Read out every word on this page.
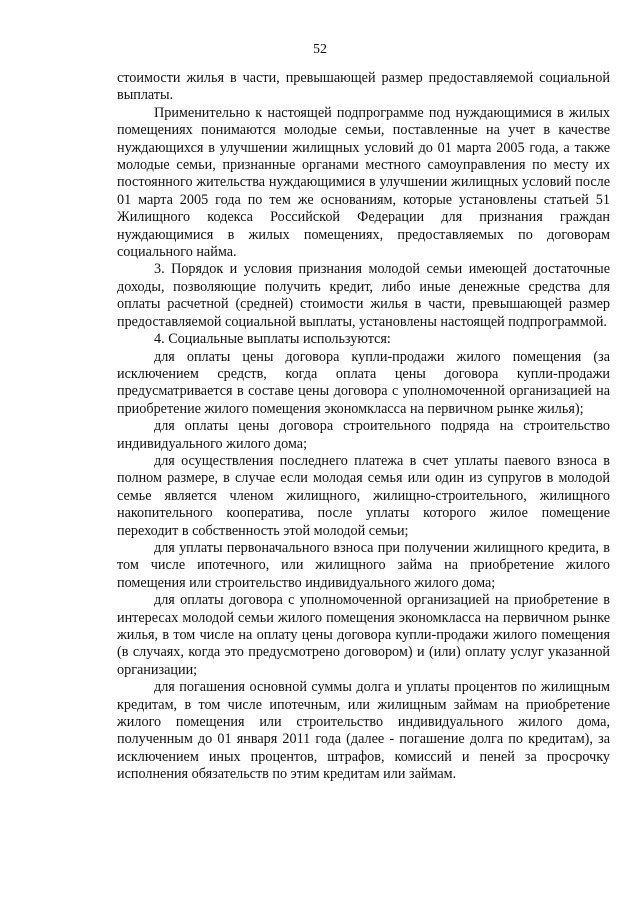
52

стоимости жилья в части, превышающей размер предоставляемой социальной выплаты.

Применительно к настоящей подпрограмме под нуждающимися в жилых помещениях понимаются молодые семьи, поставленные на учет в качестве нуждающихся в улучшении жилищных условий до 01 марта 2005 года, а также молодые семьи, признанные органами местного самоуправления по месту их постоянного жительства нуждающимися в улучшении жилищных условий после 01 марта 2005 года по тем же основаниям, которые установлены статьей 51 Жилищного кодекса Российской Федерации для признания граждан нуждающимися в жилых помещениях, предоставляемых по договорам социального найма.

3. Порядок и условия признания молодой семьи имеющей достаточные доходы, позволяющие получить кредит, либо иные денежные средства для оплаты расчетной (средней) стоимости жилья в части, превышающей размер предоставляемой социальной выплаты, установлены настоящей подпрограммой.

4. Социальные выплаты используются:

для оплаты цены договора купли-продажи жилого помещения (за исключением средств, когда оплата цены договора купли-продажи предусматривается в составе цены договора с уполномоченной организацией на приобретение жилого помещения экономкласса на первичном рынке жилья);

для оплаты цены договора строительного подряда на строительство индивидуального жилого дома;

для осуществления последнего платежа в счет уплаты паевого взноса в полном размере, в случае если молодая семья или один из супругов в молодой семье является членом жилищного, жилищно-строительного, жилищного накопительного кооператива, после уплаты которого жилое помещение переходит в собственность этой молодой семьи;

для уплаты первоначального взноса при получении жилищного кредита, в том числе ипотечного, или жилищного займа на приобретение жилого помещения или строительство индивидуального жилого дома;

для оплаты договора с уполномоченной организацией на приобретение в интересах молодой семьи жилого помещения экономкласса на первичном рынке жилья, в том числе на оплату цены договора купли-продажи жилого помещения (в случаях, когда это предусмотрено договором) и (или) оплату услуг указанной организации;

для погашения основной суммы долга и уплаты процентов по жилищным кредитам, в том числе ипотечным, или жилищным займам на приобретение жилого помещения или строительство индивидуального жилого дома, полученным до 01 января 2011 года (далее - погашение долга по кредитам), за исключением иных процентов, штрафов, комиссий и пеней за просрочку исполнения обязательств по этим кредитам или займам.
